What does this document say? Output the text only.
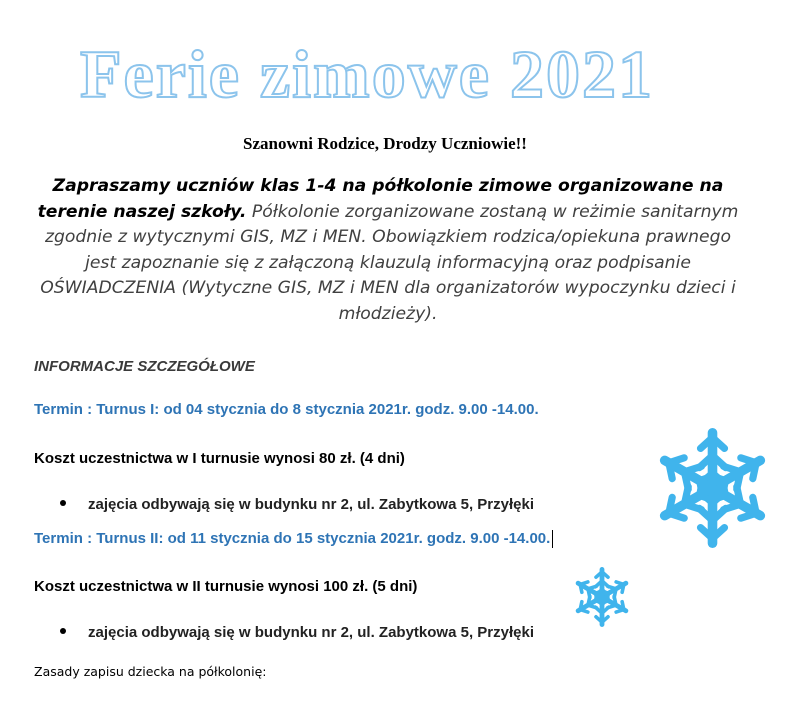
Ferie zimowe 2021
Szanowni Rodzice, Drodzy Uczniowie!!
Zapraszamy uczniów klas 1-4 na półkolonie zimowe organizowane na terenie naszej szkoły. Półkolonie zorganizowane zostaną w reżimie sanitarnym zgodnie z wytycznymi GIS, MZ i MEN. Obowiązkiem rodzica/opiekuna prawnego jest zapoznanie się z załączoną klauzulą informacyjną oraz podpisanie OŚWIADCZENIA (Wytyczne GIS, MZ i MEN dla organizatorów wypoczynku dzieci i młodzieży).
INFORMACJE SZCZEGÓŁOWE
Termin : Turnus I: od 04 stycznia do 8 stycznia 2021r. godz. 9.00 -14.00.
Koszt uczestnictwa w I turnusie wynosi 80 zł. (4 dni)
zajęcia odbywają się w budynku nr 2, ul. Zabytkowa 5, Przyłęki
Termin : Turnus II: od 11 stycznia do 15 stycznia 2021r. godz. 9.00 -14.00.
Koszt uczestnictwa w II turnusie wynosi 100 zł. (5 dni)
zajęcia odbywają się w budynku nr 2, ul. Zabytkowa 5, Przyłęki
Zasady zapisu dziecka na półkolonię:
